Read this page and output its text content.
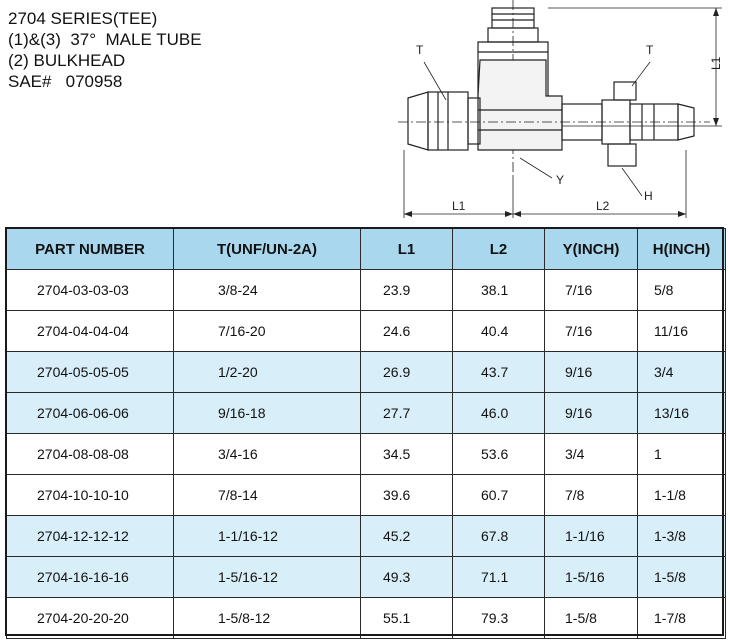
2704 SERIES(TEE)
(1)&(3)  37°  MALE TUBE
(2) BULKHEAD
SAE#   070958
T	T
L1
Y
H
L1	L2
PART NUMBER	T(UNF/UN-2A)	L1	L2	Y(INCH)	H(INCH)
2704-03-03-03	3/8-24	23.9	38.1	7/16	5/8
2704-04-04-04	7/16-20	24.6	40.4	7/16	11/16
2704-05-05-05	1/2-20	26.9	43.7	9/16	3/4
2704-06-06-06	9/16-18	27.7	46.0	9/16	13/16
2704-08-08-08	3/4-16	34.5	53.6	3/4	1
2704-10-10-10	7/8-14	39.6	60.7	7/8	1-1/8
2704-12-12-12	1-1/16-12	45.2	67.8	1-1/16	1-3/8
2704-16-16-16	1-5/16-12	49.3	71.1	1-5/16	1-5/8
2704-20-20-20	1-5/8-12	55.1	79.3	1-5/8	1-7/8
